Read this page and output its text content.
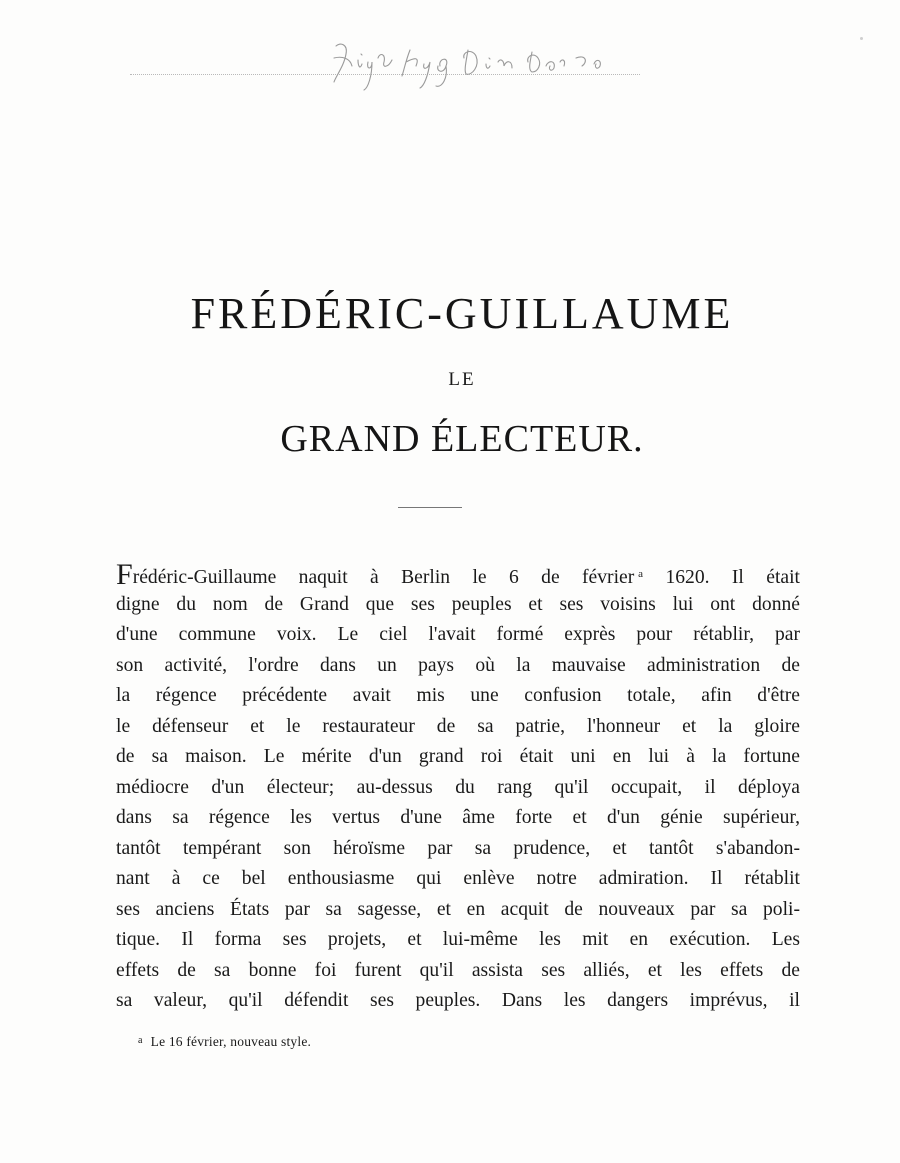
FRÉDÉRIC-GUILLAUME

LE

GRAND ÉLECTEUR.
Frédéric-Guillaume naquit à Berlin le 6 de février  $^a$ 1620. Il était
digne du nom de Grand que ses peuples et ses voisins lui ont donné
d'une commune voix. Le ciel l'avait formé exprès pour rétablir, par
son activité, l'ordre dans un pays où la mauvaise administration de
la régence précédente avait mis une confusion totale, afin d'être
le défenseur et le restaurateur de sa patrie, l'honneur et la gloire
de sa maison. Le mérite d'un grand roi était uni en lui à la fortune
médiocre d'un électeur; au-dessus du rang qu'il occupait, il déploya
dans sa régence les vertus d'une âme forte et d'un génie supérieur,
tantôt tempérant son héroïsme par sa prudence, et tantôt s'abandon-
nant à ce bel enthousiasme qui enlève notre admiration. Il rétablit
ses anciens États par sa sagesse, et en acquit de nouveaux par sa poli-
tique. Il forma ses projets, et lui-même les mit en exécution. Les
effets de sa bonne foi furent qu'il assista ses alliés, et les effets de
sa valeur, qu'il défendit ses peuples. Dans les dangers imprévus, il

$^a$ Le 16 février, nouveau style.
